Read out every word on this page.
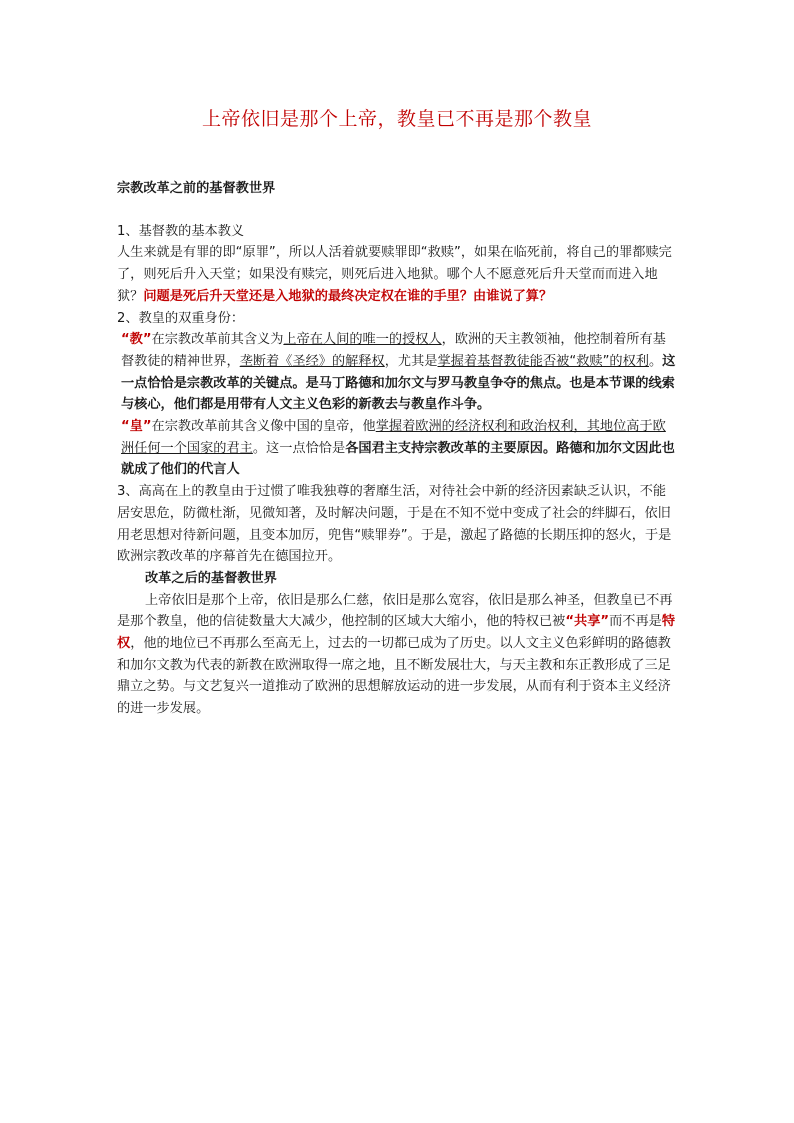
上帝依旧是那个上帝，教皇已不再是那个教皇

宗教改革之前的基督教世界

1、基督教的基本教义

人生来就是有罪的即“原罪”，所以人活着就要赎罪即“救赎”，如果在临死前，将自己的罪都赎完了，则死后升入天堂；如果没有赎完，则死后进入地狱。哪个人不愿意死后升天堂而而进入地狱？问题是死后升天堂还是入地狱的最终决定权在谁的手里？由谁说了算？

2、教皇的双重身份：

“教”在宗教改革前其含义为上帝在人间的唯一的授权人，欧洲的天主教领袖，他控制着所有基督教徒的精神世界，垄断着《圣经》的解释权，尤其是掌握着基督教徒能否被“救赎”的权利。这一点恰恰是宗教改革的关键点。是马丁路德和加尔文与罗马教皇争夺的焦点。也是本节课的线索与核心，他们都是用带有人文主义色彩的新教去与教皇作斗争。

“皇”在宗教改革前其含义像中国的皇帝，他掌握着欧洲的经济权利和政治权利，其地位高于欧洲任何一个国家的君主。这一点恰恰是各国君主支持宗教改革的主要原因。路德和加尔文因此也就成了他们的代言人

3、高高在上的教皇由于过惯了唯我独尊的奢靡生活，对待社会中新的经济因素缺乏认识，不能居安思危，防微杜渐，见微知著，及时解决问题，于是在不知不觉中变成了社会的绊脚石，依旧用老思想对待新问题，且变本加厉，兜售“赎罪券”。于是，激起了路德的长期压抑的怒火，于是欧洲宗教改革的序幕首先在德国拉开。

改革之后的基督教世界

上帝依旧是那个上帝，依旧是那么仁慈，依旧是那么宽容，依旧是那么神圣，但教皇已不再是那个教皇，他的信徒数量大大减少，他控制的区域大大缩小，他的特权已被“共享”而不再是特权，他的地位已不再那么至高无上，过去的一切都已成为了历史。以人文主义色彩鲜明的路德教和加尔文教为代表的新教在欧洲取得一席之地，且不断发展壮大，与天主教和东正教形成了三足鼎立之势。与文艺复兴一道推动了欧洲的思想解放运动的进一步发展，从而有利于资本主义经济的进一步发展。
